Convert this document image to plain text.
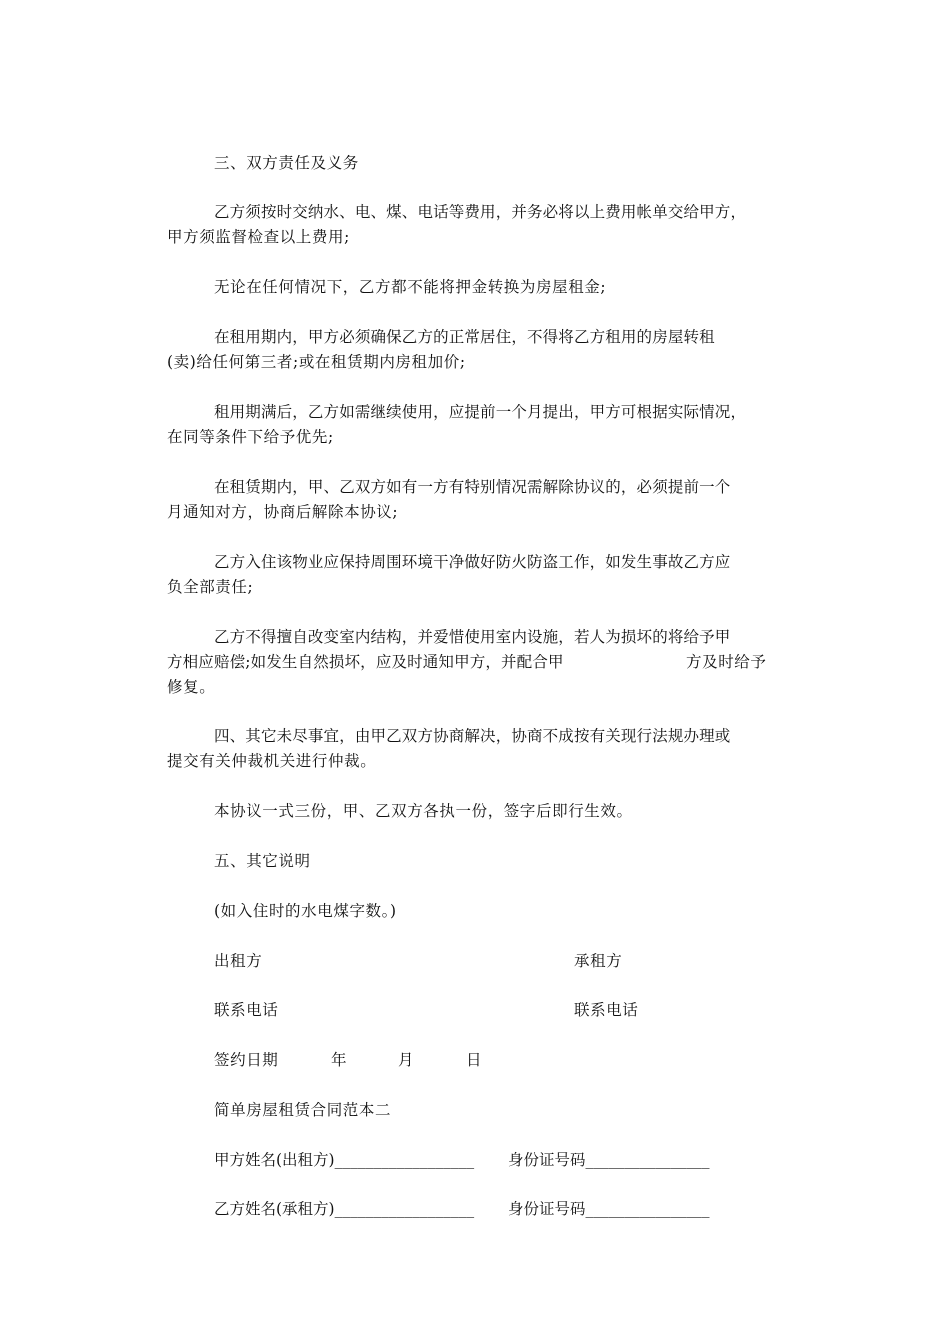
三、双方责任及义务
乙方须按时交纳水、电、煤、电话等费用，并务必将以上费用帐单交给甲方，
甲方须监督检查以上费用;
无论在任何情况下，乙方都不能将押金转换为房屋租金;
在租用期内，甲方必须确保乙方的正常居住，不得将乙方租用的房屋转租
(卖)给任何第三者;或在租赁期内房租加价;
租用期满后，乙方如需继续使用，应提前一个月提出，甲方可根据实际情况，
在同等条件下给予优先;
在租赁期内，甲、乙双方如有一方有特别情况需解除协议的，必须提前一个
月通知对方，协商后解除本协议;
乙方入住该物业应保持周围环境干净做好防火防盗工作，如发生事故乙方应
负全部责任;
乙方不得擅自改变室内结构，并爱惜使用室内设施，若人为损坏的将给予甲
方相应赔偿;如发生自然损坏，应及时通知甲方，并配合甲	方及时给予
修复。
四、其它未尽事宜，由甲乙双方协商解决，协商不成按有关现行法规办理或
提交有关仲裁机关进行仲裁。
本协议一式三份，甲、乙双方各执一份，签字后即行生效。
五、其它说明
(如入住时的水电煤字数。)
出租方	承租方
联系电话	联系电话
签约日期	年	月	日
简单房屋租赁合同范本二
甲方姓名(出租方)__________________ 身份证号码________________
乙方姓名(承租方)__________________ 身份证号码________________
